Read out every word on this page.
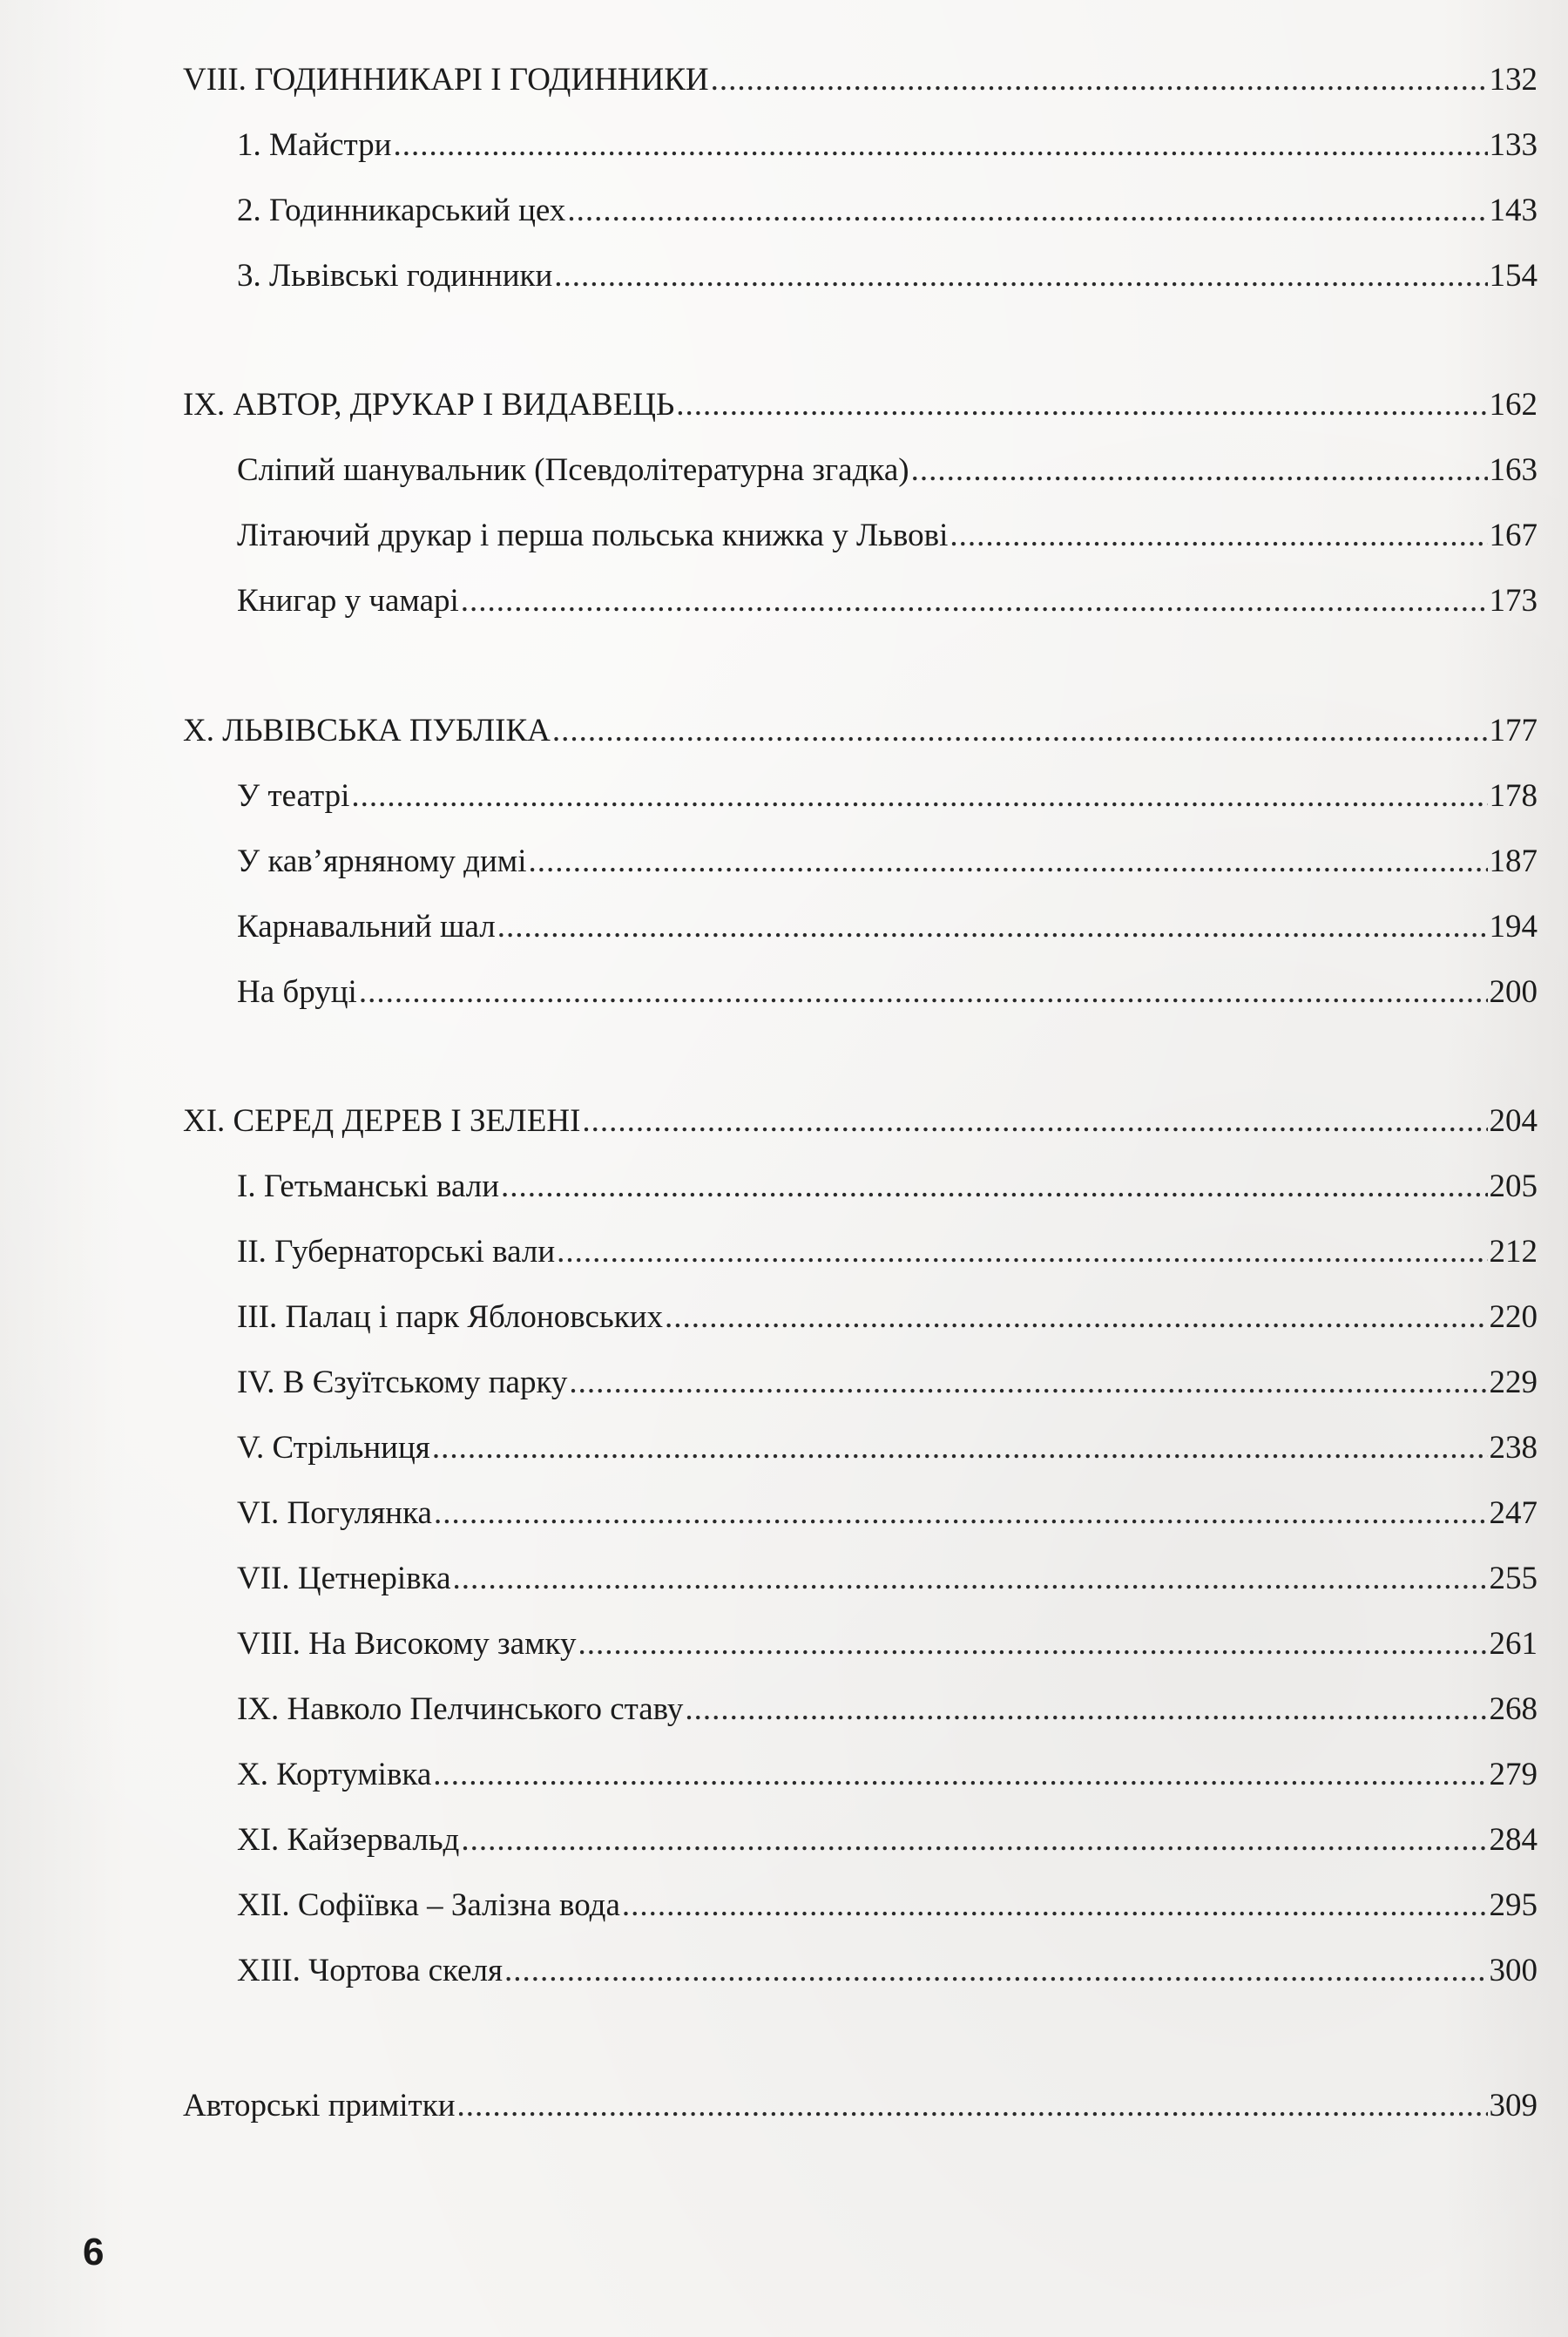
VIII. ГОДИННИКАРІ І ГОДИННИКИ .....	132
1. Майстри .....	133
2. Годинникарський цех .....	143
3. Львівські годинники .....	154
IX. АВТОР, ДРУКАР І ВИДАВЕЦЬ .....	162
Сліпий шанувальник (Псевдолітературна згадка) .....	163
Літаючий друкар і перша польська книжка у Львові .....	167
Книгар у чамарі .....	173
X. ЛЬВІВСЬКА ПУБЛІКА .....	177
У театрі .....	178
У кав’ярняному димі .....	187
Карнавальний шал .....	194
На бруці .....	200
XI. СЕРЕД ДЕРЕВ І ЗЕЛЕНІ .....	204
I. Гетьманські вали .....	205
II. Губернаторські вали .....	212
III. Палац і парк Яблоновських .....	220
IV. В Єзуїтському парку .....	229
V. Стрільниця .....	238
VI. Погулянка .....	247
VII. Цетнерівка .....	255
VIII. На Високому замку .....	261
IX. Навколо Пелчинського ставу .....	268
X. Кортумівка .....	279
XI. Кайзервальд .....	284
XII. Софіївка – Залізна вода .....	295
XIII. Чортова скеля .....	300
Авторські примітки .....	309
6
